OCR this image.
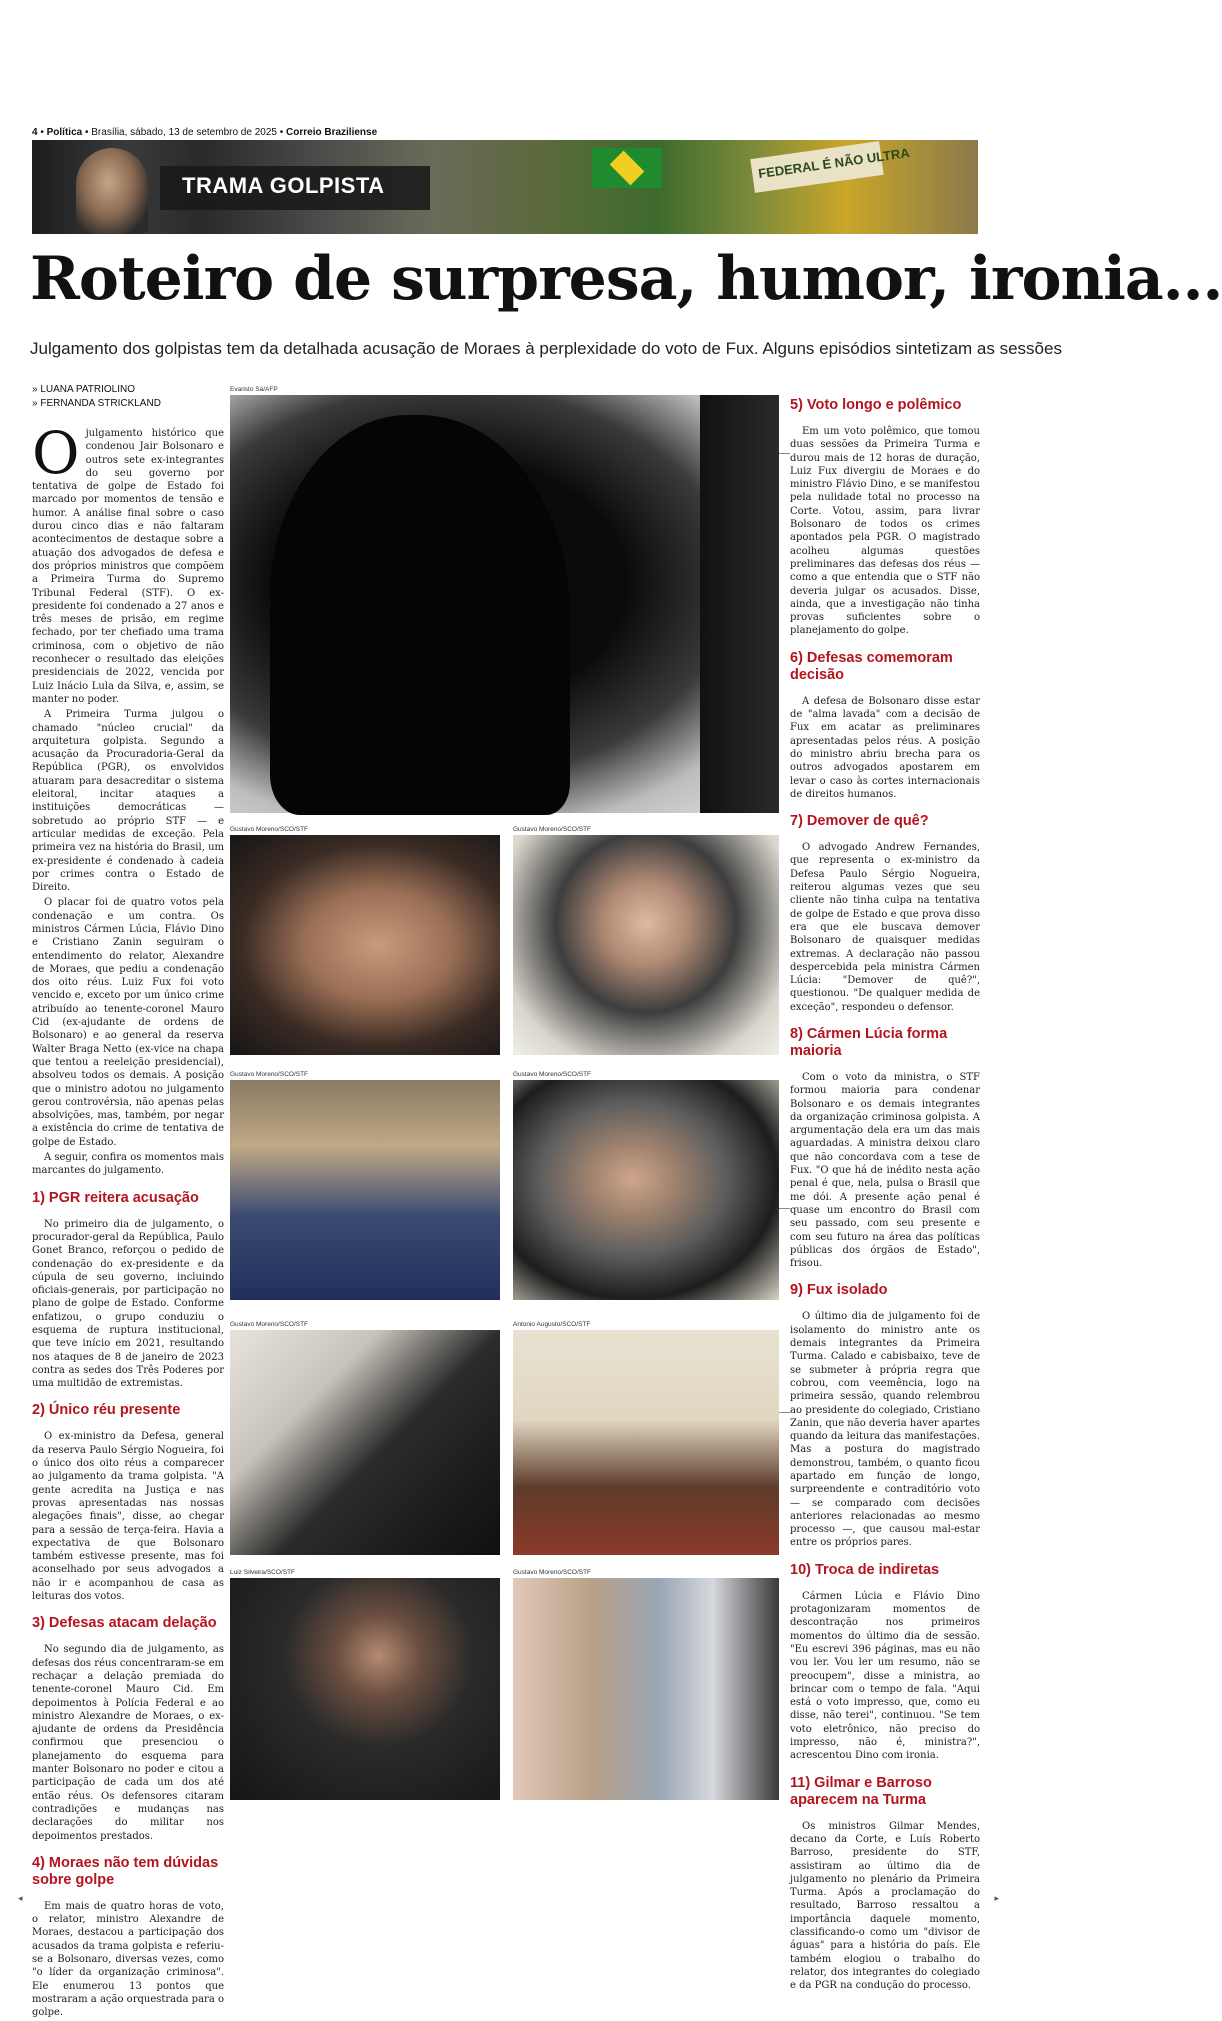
4 • Política • Brasília, sábado, 13 de setembro de 2025 • Correio Braziliense
TRAMA GOLPISTA
FEDERAL É NÃO ULTRA
Roteiro de surpresa, humor, ironia...
Julgamento dos golpistas tem da detalhada acusação de Moraes à perplexidade do voto de Fux. Alguns episódios sintetizam as sessões
» LUANA PATRIOLINO
» FERNANDA STRICKLAND

Ojulgamento histórico que condenou Jair Bolsonaro e outros sete ex-integrantes do seu governo por tentativa de golpe de Estado foi marcado por momentos de tensão e humor. A análise final sobre o caso durou cinco dias e não faltaram acontecimentos de destaque sobre a atuação dos advogados de defesa e dos próprios ministros que compõem a Primeira Turma do Supremo Tribunal Federal (STF). O ex-presidente foi condenado a 27 anos e três meses de prisão, em regime fechado, por ter chefiado uma trama criminosa, com o objetivo de não reconhecer o resultado das eleições presidenciais de 2022, vencida por Luiz Inácio Lula da Silva, e, assim, se manter no poder.

A Primeira Turma julgou o chamado "núcleo crucial" da arquitetura golpista. Segundo a acusação da Procuradoria-Geral da República (PGR), os envolvidos atuaram para desacreditar o sistema eleitoral, incitar ataques a instituições democráticas — sobretudo ao próprio STF — e articular medidas de exceção. Pela primeira vez na história do Brasil, um ex-presidente é condenado à cadeia por crimes contra o Estado de Direito.

O placar foi de quatro votos pela condenação e um contra. Os ministros Cármen Lúcia, Flávio Dino e Cristiano Zanin seguiram o entendimento do relator, Alexandre de Moraes, que pediu a condenação dos oito réus. Luiz Fux foi voto vencido e, exceto por um único crime atribuído ao tenente-coronel Mauro Cid (ex-ajudante de ordens de Bolsonaro) e ao general da reserva Walter Braga Netto (ex-vice na chapa que tentou a reeleição presidencial), absolveu todos os demais. A posição que o ministro adotou no julgamento gerou controvérsia, não apenas pelas absolvições, mas, também, por negar a existência do crime de tentativa de golpe de Estado.

A seguir, confira os momentos mais marcantes do julgamento.

1) PGR reitera acusação

No primeiro dia de julgamento, o procurador-geral da República, Paulo Gonet Branco, reforçou o pedido de condenação do ex-presidente e da cúpula de seu governo, incluindo oficiais-generais, por participação no plano de golpe de Estado. Conforme enfatizou, o grupo conduziu o esquema de ruptura institucional, que teve início em 2021, resultando nos ataques de 8 de janeiro de 2023 contra as sedes dos Três Poderes por uma multidão de extremistas.

2) Único réu presente

O ex-ministro da Defesa, general da reserva Paulo Sérgio Nogueira, foi o único dos oito réus a comparecer ao julgamento da trama golpista. "A gente acredita na Justiça e nas provas apresentadas nas nossas alegações finais", disse, ao chegar para a sessão de terça-feira. Havia a expectativa de que Bolsonaro também estivesse presente, mas foi aconselhado por seus advogados a não ir e acompanhou de casa as leituras dos votos.

3) Defesas atacam delação

No segundo dia de julgamento, as defesas dos réus concentraram-se em rechaçar a delação premiada do tenente-coronel Mauro Cid. Em depoimentos à Polícia Federal e ao ministro Alexandre de Moraes, o ex-ajudante de ordens da Presidência confirmou que presenciou o planejamento do esquema para manter Bolsonaro no poder e citou a participação de cada um dos até então réus. Os defensores citaram contradições e mudanças nas declarações do militar nos depoimentos prestados.

4) Moraes não tem dúvidas sobre golpe

Em mais de quatro horas de voto, o relator, ministro Alexandre de Moraes, destacou a participação dos acusados da trama golpista e referiu-se a Bolsonaro, diversas vezes, como "o líder da organização criminosa". Ele enumerou 13 pontos que mostraram a ação orquestrada para o golpe.

5) Voto longo e polêmico

Em um voto polêmico, que tomou duas sessões da Primeira Turma e durou mais de 12 horas de duração, Luiz Fux divergiu de Moraes e do ministro Flávio Dino, e se manifestou pela nulidade total no processo na Corte. Votou, assim, para livrar Bolsonaro de todos os crimes apontados pela PGR. O magistrado acolheu algumas questões preliminares das defesas dos réus — como a que entendia que o STF não deveria julgar os acusados. Disse, ainda, que a investigação não tinha provas suficientes sobre o planejamento do golpe.

6) Defesas comemoram decisão

A defesa de Bolsonaro disse estar de "alma lavada" com a decisão de Fux em acatar as preliminares apresentadas pelos réus. A posição do ministro abriu brecha para os outros advogados apostarem em levar o caso às cortes internacionais de direitos humanos.

7) Demover de quê?

O advogado Andrew Fernandes, que representa o ex-ministro da Defesa Paulo Sérgio Nogueira, reiterou algumas vezes que seu cliente não tinha culpa na tentativa de golpe de Estado e que prova disso era que ele buscava demover Bolsonaro de quaisquer medidas extremas. A declaração não passou despercebida pela ministra Cármen Lúcia: "Demover de quê?", questionou. "De qualquer medida de exceção", respondeu o defensor.

8) Cármen Lúcia forma maioria

Com o voto da ministra, o STF formou maioria para condenar Bolsonaro e os demais integrantes da organização criminosa golpista. A argumentação dela era um das mais aguardadas. A ministra deixou claro que não concordava com a tese de Fux. "O que há de inédito nesta ação penal é que, nela, pulsa o Brasil que me dói. A presente ação penal é quase um encontro do Brasil com seu passado, com seu presente e com seu futuro na área das políticas públicas dos órgãos de Estado", frisou.

9) Fux isolado

O último dia de julgamento foi de isolamento do ministro ante os demais integrantes da Primeira Turma. Calado e cabisbaixo, teve de se submeter à própria regra que cobrou, com veemência, logo na primeira sessão, quando relembrou ao presidente do colegiado, Cristiano Zanin, que não deveria haver apartes quando da leitura das manifestações. Mas a postura do magistrado demonstrou, também, o quanto ficou apartado em função de longo, surpreendente e contraditório voto — se comparado com decisões anteriores relacionadas ao mesmo processo —, que causou mal-estar entre os próprios pares.

10) Troca de indiretas

Cármen Lúcia e Flávio Dino protagonizaram momentos de descontração nos primeiros momentos do último dia de sessão. "Eu escrevi 396 páginas, mas eu não vou ler. Vou ler um resumo, não se preocupem", disse a ministra, ao brincar com o tempo de fala. "Aqui está o voto impresso, que, como eu disse, não terei", continuou. "Se tem voto eletrônico, não preciso do impresso, não é, ministra?", acrescentou Dino com ironia.

11) Gilmar e Barroso aparecem na Turma

Os ministros Gilmar Mendes, decano da Corte, e Luís Roberto Barroso, presidente do STF, assistiram ao último dia de julgamento no plenário da Primeira Turma. Após a proclamação do resultado, Barroso ressaltou a importância daquele momento, classificando-o como um "divisor de águas" para a história do país. Ele também elogiou o trabalho do relator, dos integrantes do colegiado e da PGR na condução do processo.

Evaristo Sá/AFP
Gustavo Moreno/SCO/STF	Gustavo Moreno/SCO/STF
Gustavo Moreno/SCO/STF	Gustavo Moreno/SCO/STF
Gustavo Moreno/SCO/STF	Antonio Augusto/SCO/STF
Luiz Silveira/SCO/STF	Gustavo Moreno/SCO/STF
◂	▸
